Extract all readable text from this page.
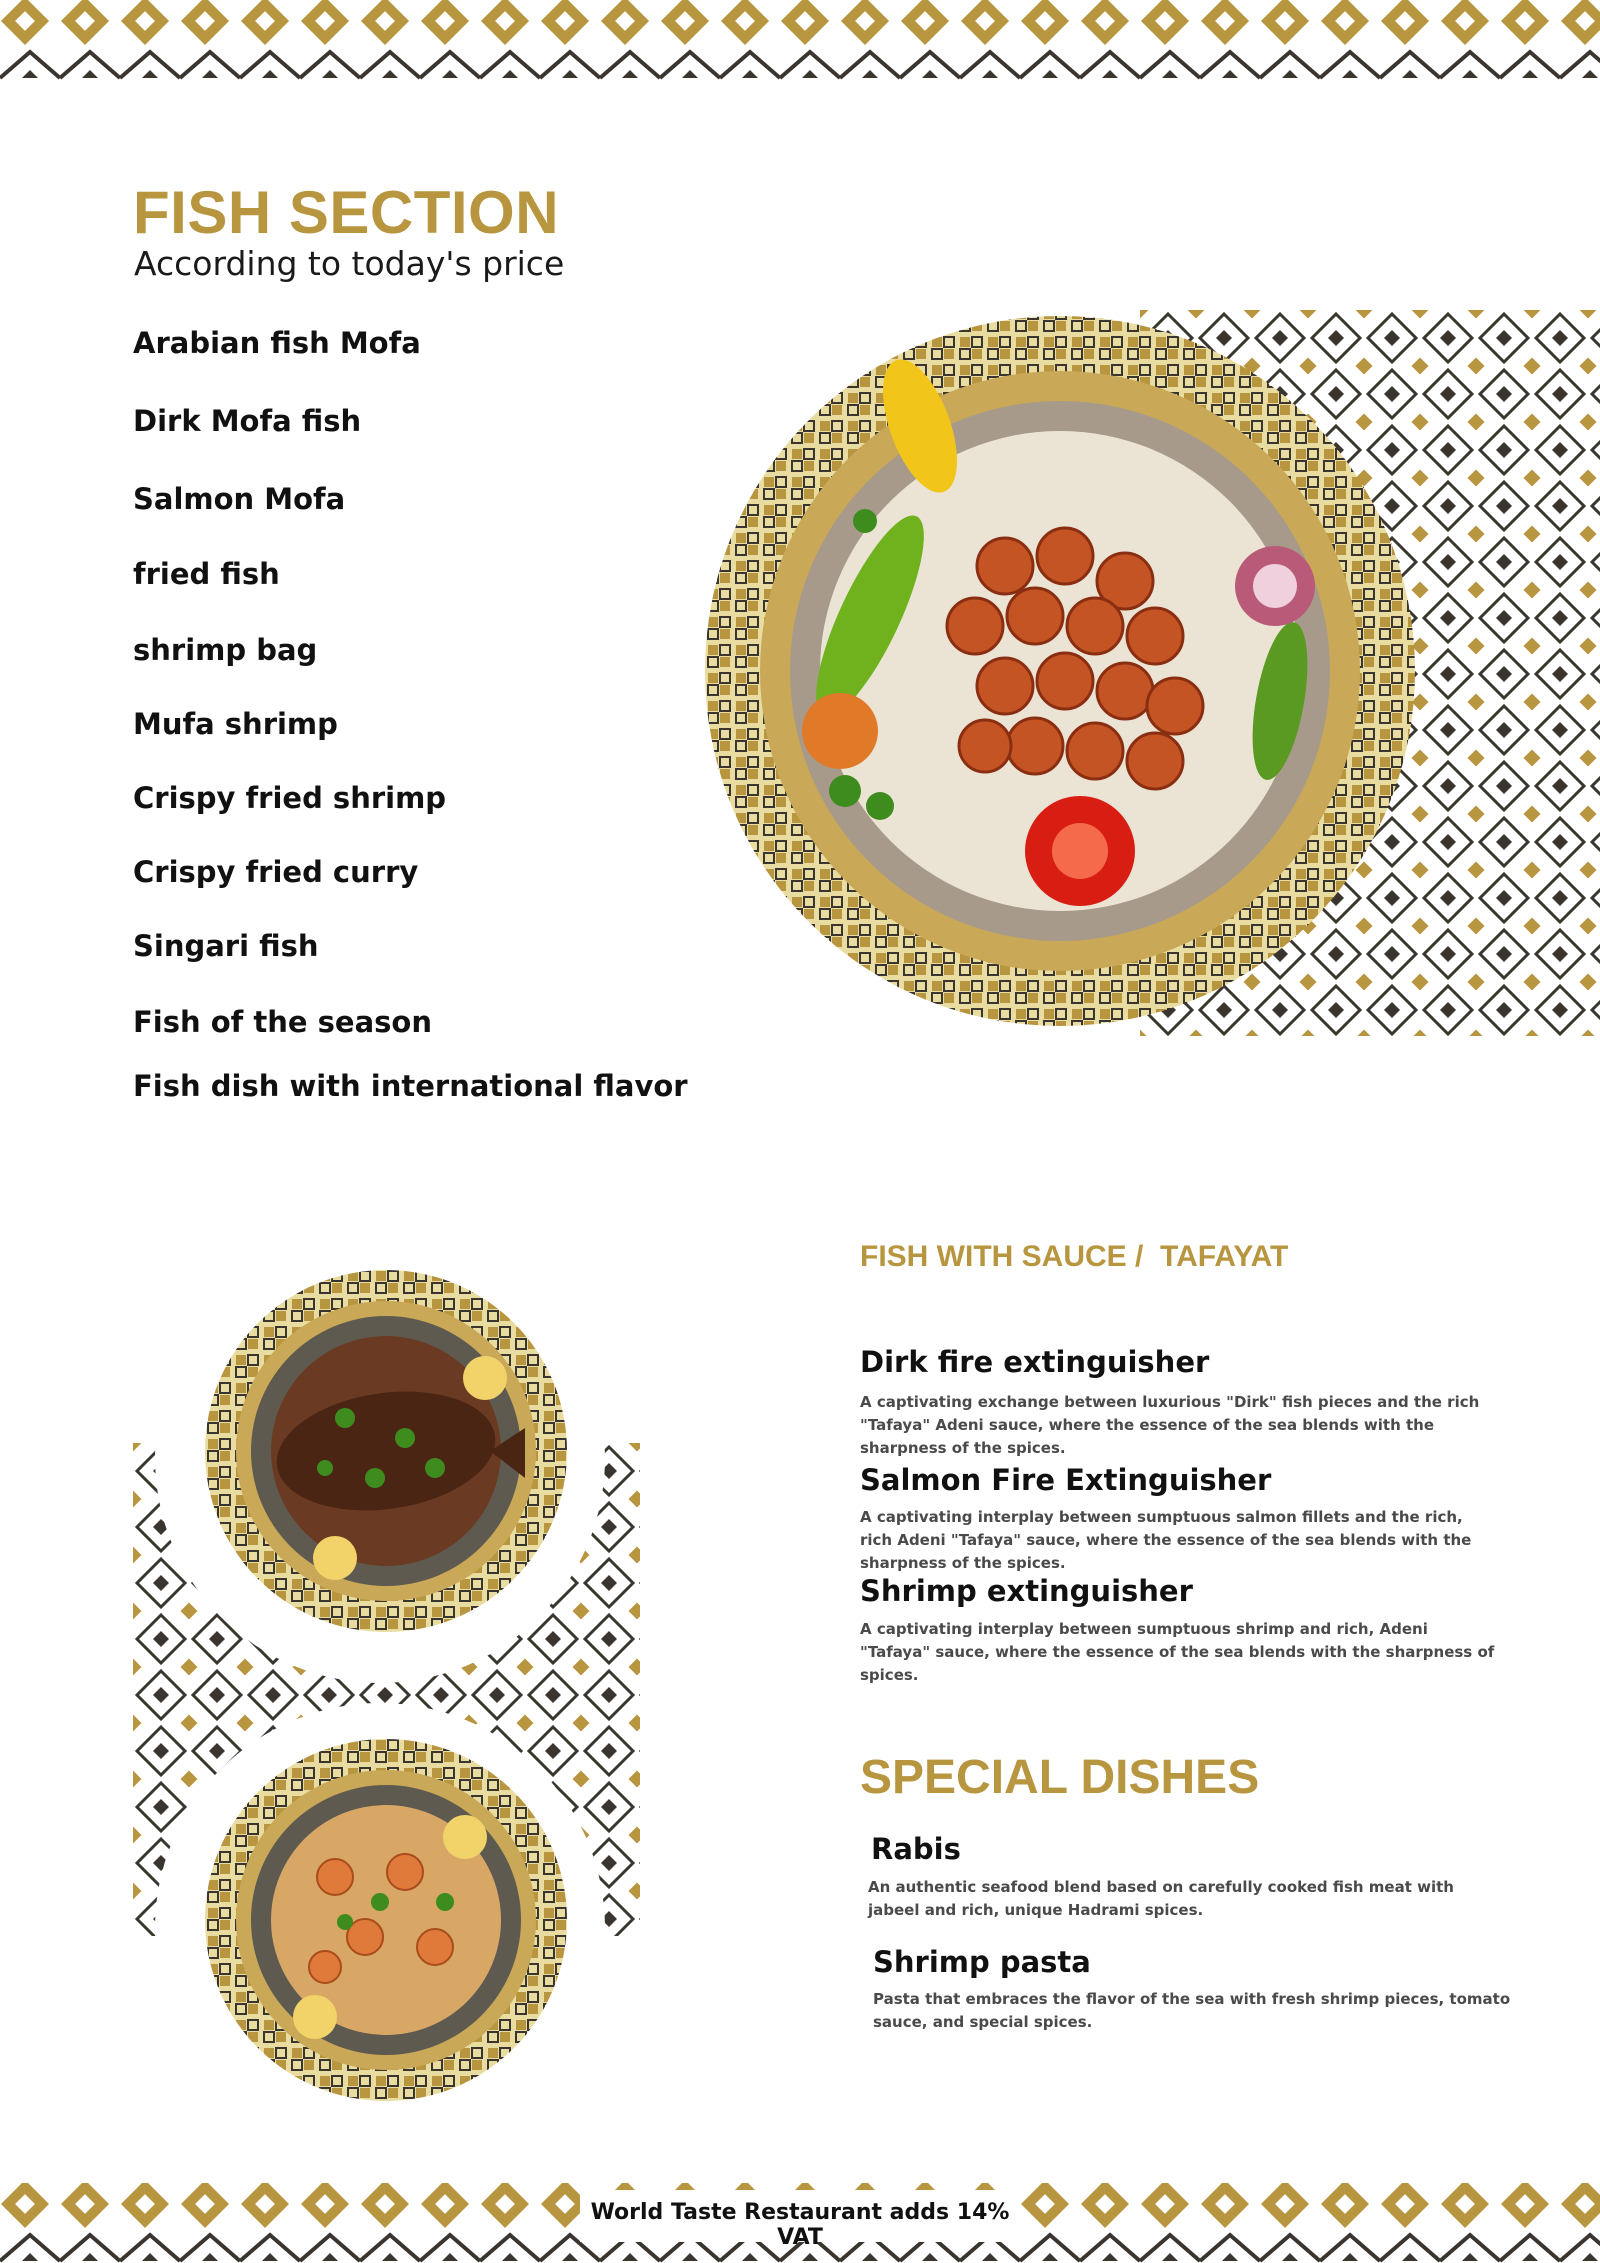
FISH SECTION
According to today's price
Arabian fish Mofa
Dirk Mofa fish
Salmon Mofa
fried fish
shrimp bag
Mufa shrimp
Crispy fried shrimp
Crispy fried curry
Singari fish
Fish of the season
Fish dish with international flavor
FISH WITH SAUCE /  TAFAYAT
Dirk fire extinguisher
A captivating exchange between luxurious "Dirk" fish pieces and the rich "Tafaya" Adeni sauce, where the essence of the sea blends with the sharpness of the spices.
Salmon Fire Extinguisher
A captivating interplay between sumptuous salmon fillets and the rich, rich Adeni "Tafaya" sauce, where the essence of the sea blends with the sharpness of the spices.
Shrimp extinguisher
A captivating interplay between sumptuous shrimp and rich, Adeni "Tafaya" sauce, where the essence of the sea blends with the sharpness of spices.
SPECIAL DISHES
Rabis
An authentic seafood blend based on carefully cooked fish meat with jabeel and rich, unique Hadrami spices.
Shrimp pasta
Pasta that embraces the flavor of the sea with fresh shrimp pieces, tomato sauce, and special spices.
World Taste Restaurant adds 14% VAT
